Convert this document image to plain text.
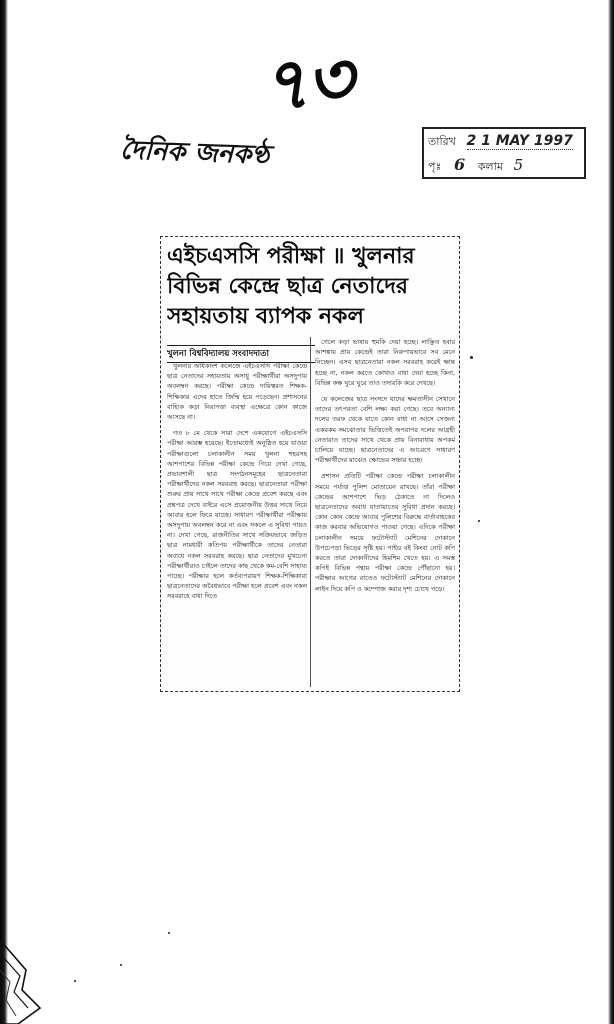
৭৩
দৈনিক জনকণ্ঠ	তারিখ 2 1 MAY 1997
পৃঃ 6 কলাম 5
এইচএসসি পরীক্ষা ॥ খুলনার
বিভিন্ন কেন্দ্রে ছাত্র নেতাদের
সহায়তায় ব্যাপক নকল
খুলনা বিশ্ববিদ্যালয় সংবাদদাতা

খুলনার অধিকাংশ কলেজে এইচএসসি পরীক্ষা কেন্দ্রে ছাত্র নেতাদের সহায়তায় অসাধু পরীক্ষার্থীরা অসদুপায় অবলম্বন করছে। পরীক্ষা কেন্দ্রে দায়িত্বরত শিক্ষক-শিক্ষিকার এদের হাতে জিম্মি হয়ে পড়েছেন। প্রশাসনের বাহ্যিক কড়া নিরাপত্তা ব্যবস্থা এক্ষেত্রে কোন কাজে আসছে না।

গত ৮ মে থেকে সারা দেশে একযোগে এইচএসসি পরীক্ষা আরম্ভ হয়েছে। ইতোমধ্যেই অনুষ্ঠিত হয়ে যাওয়া পরীক্ষাগুলো চলাকালীন সময় খুলনা শহরসহ আশপাশের বিভিন্ন পরীক্ষা কেন্দ্রে গিয়ে দেখা গেছে, প্রভাবশালী ছাত্র সংগঠনসমূহের ছাত্রনেতারা পরীক্ষার্থীদের নকল সরবরাহ করছে। ছাত্রনেতারা পরীক্ষা শুরুর প্রায় সাথে সাথে পরীক্ষা কেন্দ্রে প্রবেশ করছে এবং প্রশ্নপত্র দেখে বাইরে এসে প্রয়োজনীয় উত্তর সাথে নিয়ে আবার হলে ফিরে যাচ্ছে। সাধারণ পরীক্ষার্থীরা পরীক্ষায় অসদুপায় অবলম্বন করে না এবং সকলে এ সুবিধা পায়ও না। দেখা গেছে, রাজনীতির সাথে সক্রিয়ভাবে জড়িত ছাত্র নামধারী কতিপয় পরীক্ষার্থীকে তাদের নেতারা অবাধে নকল সরবরাহ করছে। ছাত্র নেতাদের মুখচেনা পরীক্ষার্থীরাও চাইলে তাদের কাছ থেকে কম-বেশি সাহায্য পাচ্ছে। পরীক্ষার হলে কর্তব্যপরায়ণ শিক্ষক-শিক্ষিকারা ছাত্রনেতাদের অবৈধভাবে পরীক্ষা হলে প্রবেশ এবং নকল সরবরাহে বাধা দিতে

গেলে কড়া ভাষায় হুমকি দেয়া হচ্ছে। লাঞ্ছিত হবার আশঙ্কায় প্রায় কেন্দ্রেই তারা নিরুপায়ভাবে সব মেনে নিচ্ছেন। এসব ছাত্রনেতারা নকল সরবরাহ করেই ক্ষান্ত হচ্ছে না, নকল করতে কোথাও বাধা দেয়া হচ্ছে কিনা, বিভিন্ন কক্ষ ঘুরে ঘুরে তাও তদারকি করে দেখছে।

যে কলেজের ছাত্র সংসদে যাদের ক্ষমতাসীন সেখানে তাদের তৎপরতা বেশি লক্ষ্য করা গেছে। তবে অন্যান্য দলের তরফ থেকে যাতে কোন বাধা না আসে সেজন্য একরকম সমঝোতার ভিত্তিতেই অপরাপর দলের আগ্রহী নেতারাও তাদের সাথে থেকে প্রায় বিনাবাধায় অপকর্ম চালিয়ে যাচ্ছে। ছাত্রনেতাদের এ আচরণে সাধারণ পরীক্ষার্থীদের মাঝেও ক্ষোভের সঞ্চার হচ্ছে।

প্রশাসন প্রতিটি পরীক্ষা কেন্দ্রে পরীক্ষা চলাকালীন সময়ে পর্যাপ্ত পুলিশ মোতায়েন রাখছে। তাঁরা পরীক্ষা কেন্দ্রের আশপাশে ভিড় ঠেকাতে না দিলেও ছাত্রনেতাদের অবাধ যাতায়াতের সুবিধা প্রদান করছে। কোন কোন কেন্দ্রে আবার পুলিশের বিরুদ্ধে বার্তাবাহকের কাজ করবার অভিযোগও পাওয়া গেছে। এদিকে পরীক্ষা চলাকালীন সময়ে ফটোস্ট্যাট মেশিনের দোকানে উপচেপড়া ভিড়ের সৃষ্টি হয়। গাইড বই কিংবা নোট কপি করতে তারা দোকানীদের হিমশিম খেতে হয়। এ সমস্ত কপিই বিভিন্ন পন্থায় পরীক্ষা কেন্দ্রে পৌঁছানো হয়। পরীক্ষার আগের রাতেও ফটোস্ট্যাট মেশিনের দোকানে লাইন দিয়ে কপি ও কম্পোজ করার দৃশ্য চোখে পড়ে।
